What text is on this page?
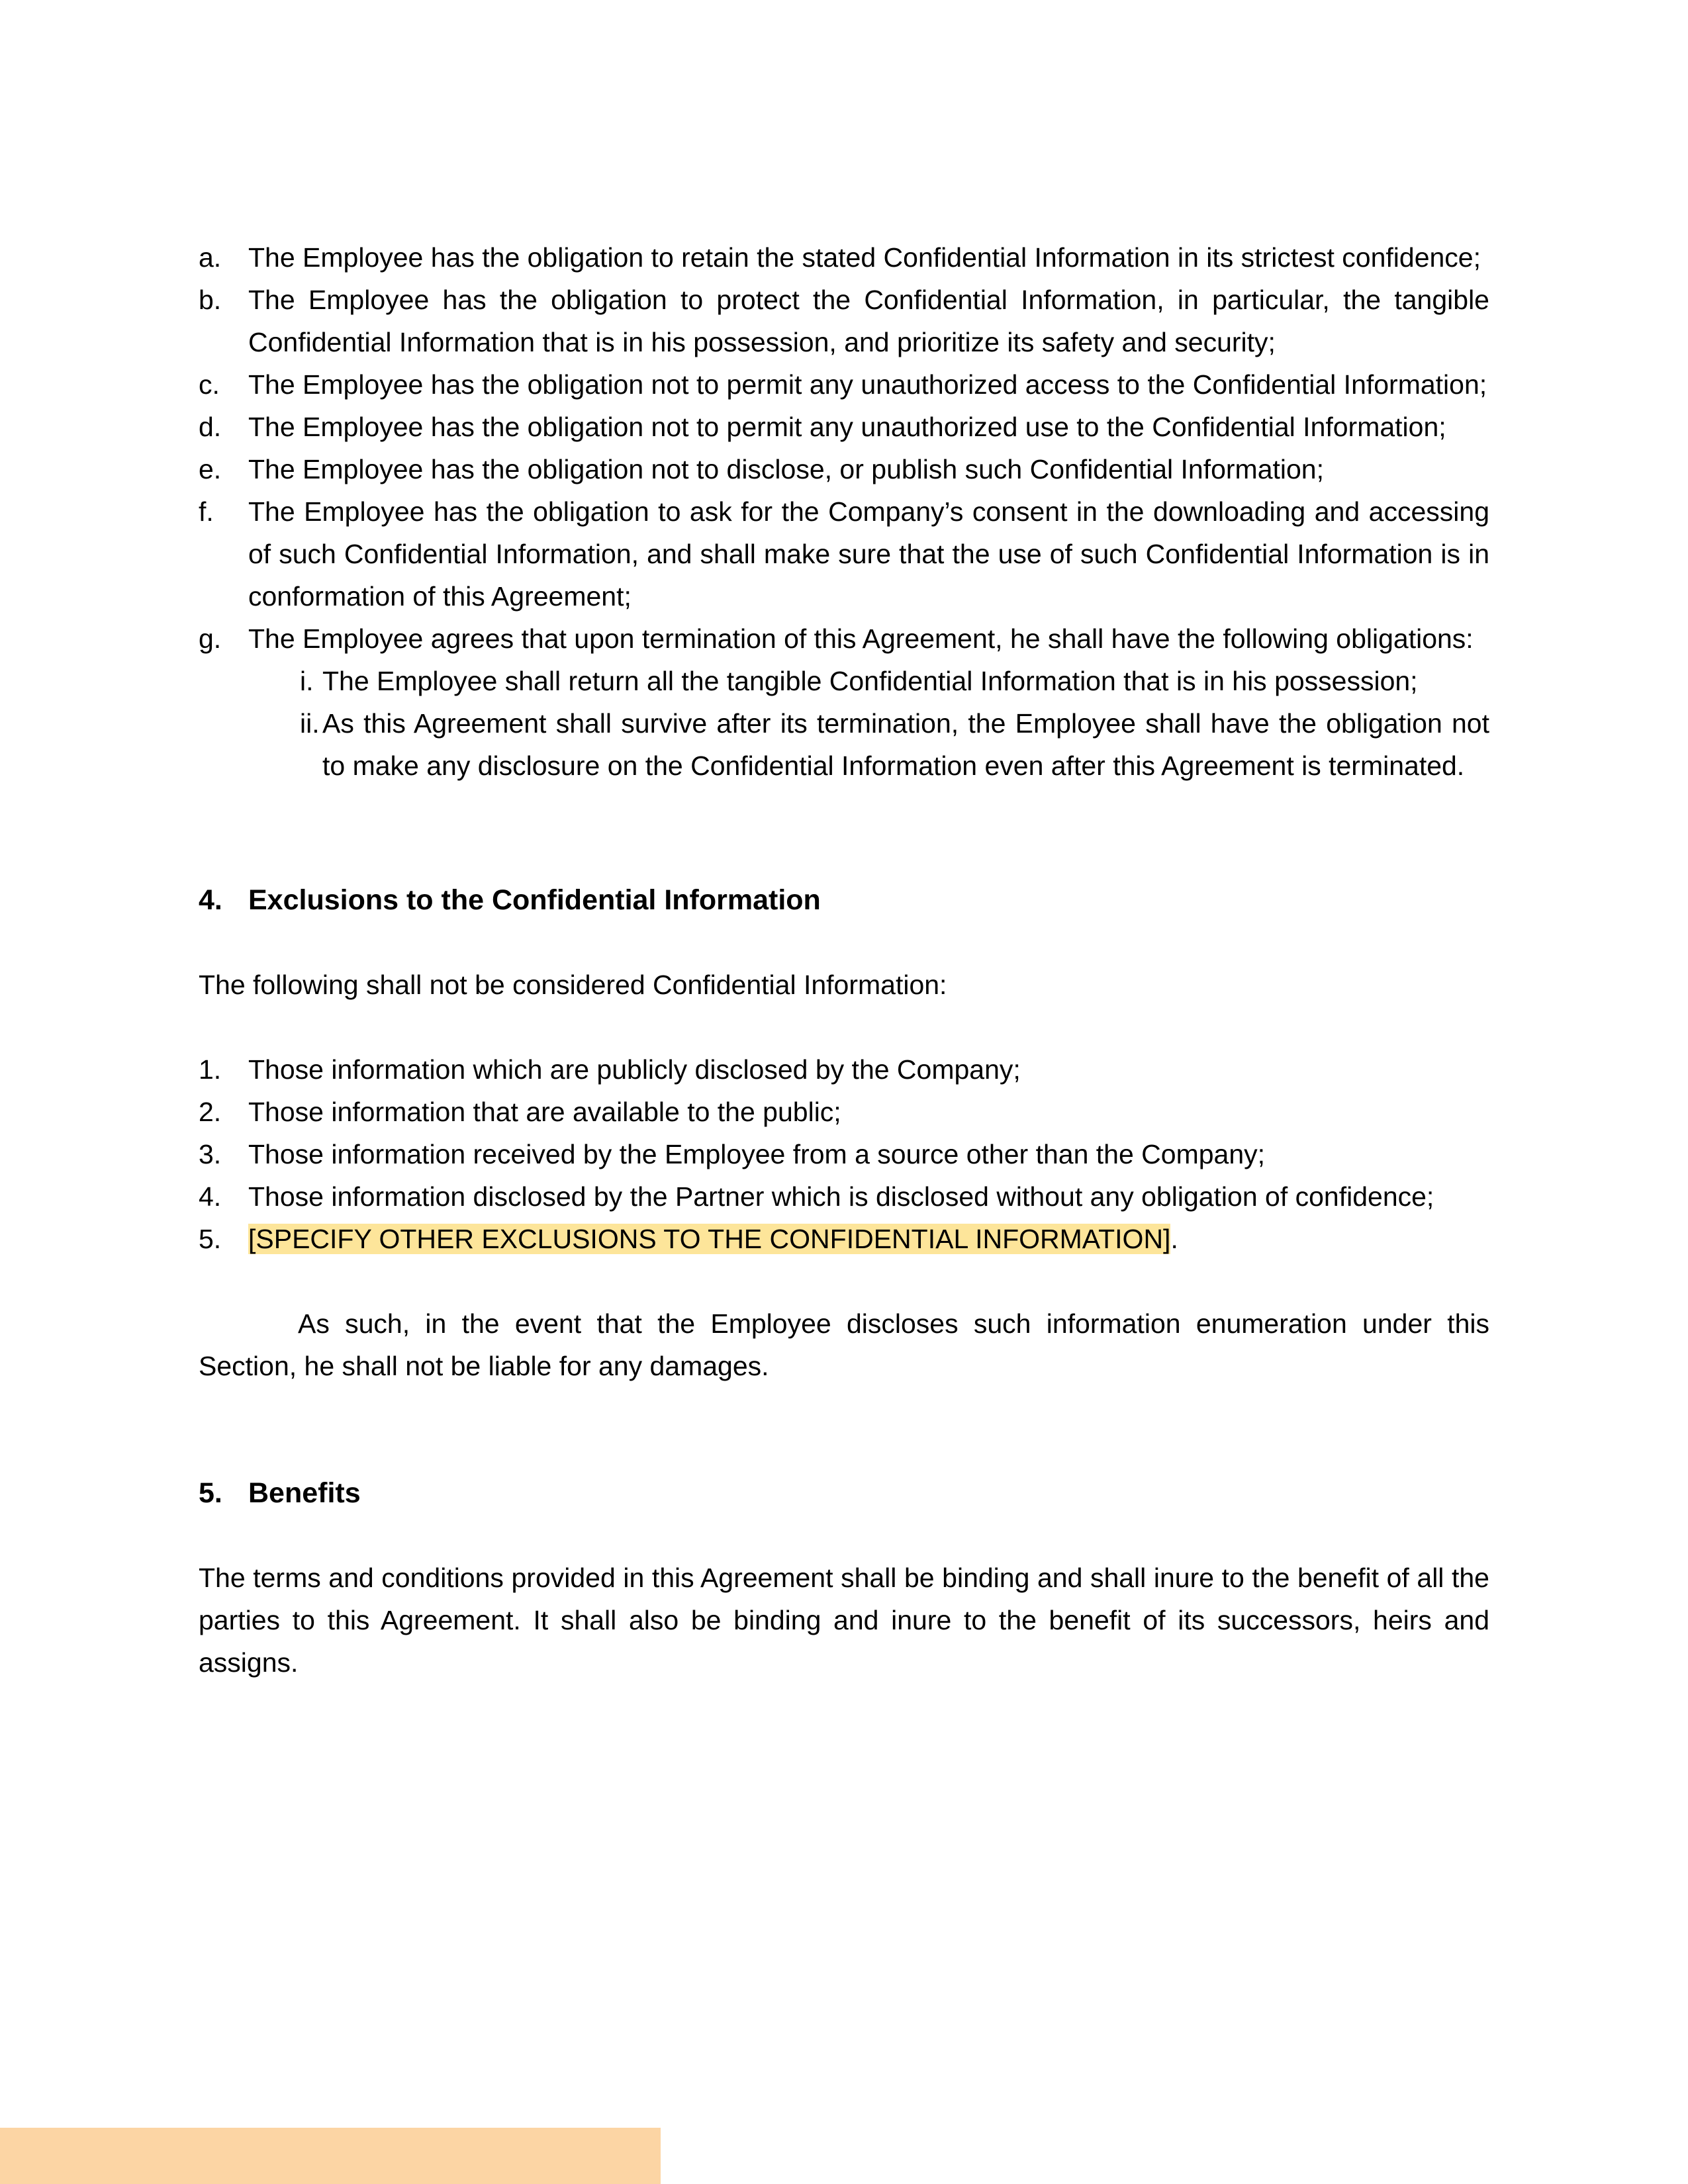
a. The Employee has the obligation to retain the stated Confidential Information in its strictest confidence;
b. The Employee has the obligation to protect the Confidential Information, in particular, the tangible Confidential Information that is in his possession, and prioritize its safety and security;
c.	The Employee has the obligation not to permit any unauthorized access to the Confidential Information;
d. The Employee has the obligation not to permit any unauthorized use to the Confidential Information;
e. The Employee has the obligation not to disclose, or publish such Confidential Information;
f.	The Employee has the obligation to ask for the Company’s consent in the downloading and accessing of such Confidential Information, and shall make sure that the use of such Confidential Information is in conformation of this Agreement;
g. The Employee agrees that upon termination of this Agreement, he shall have the following obligations:
i. The Employee shall return all the tangible Confidential Information that is in his possession;
ii. As this Agreement shall survive after its termination, the Employee shall have the obligation not to make any disclosure on the Confidential Information even after this Agreement is terminated.
4. Exclusions to the Confidential Information
The following shall not be considered Confidential Information:
1. Those information which are publicly disclosed by the Company;
2. Those information that are available to the public;
3. Those information received by the Employee from a source other than the Company;
4. Those information disclosed by the Partner which is disclosed without any obligation of confidence;
5. [SPECIFY OTHER EXCLUSIONS TO THE CONFIDENTIAL INFORMATION].
As such, in the event that the Employee discloses such information enumeration under this Section, he shall not be liable for any damages.
5. Benefits
The terms and conditions provided in this Agreement shall be binding and shall inure to the benefit of all the parties to this Agreement. It shall also be binding and inure to the benefit of its successors, heirs and assigns.
